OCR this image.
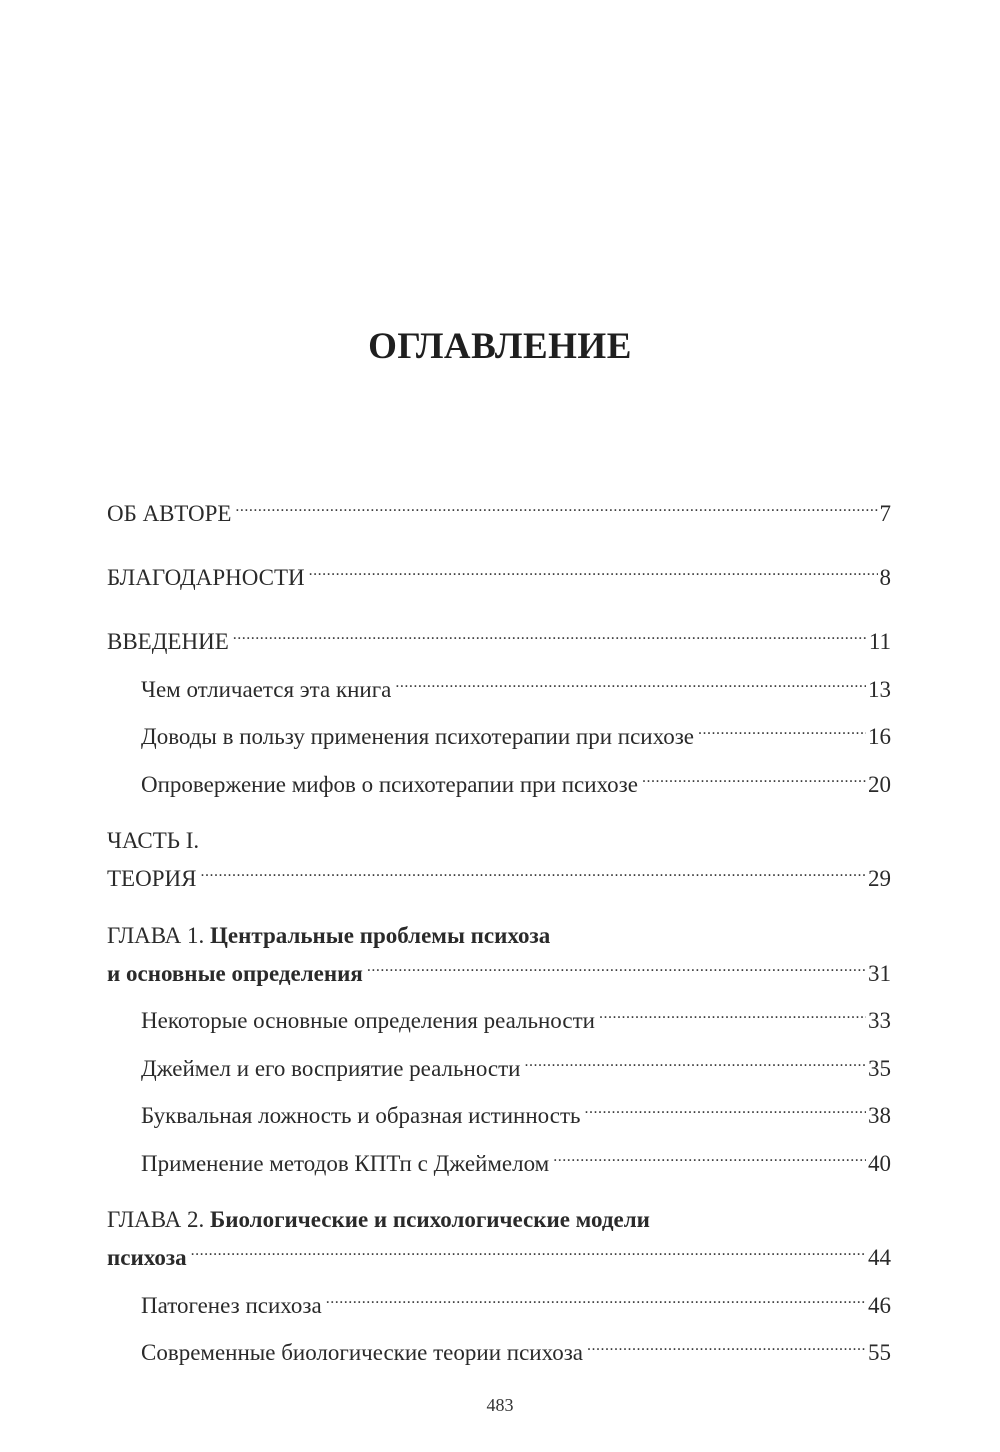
ОГЛАВЛЕНИЕ
ОБ АВТОРЕ .....	7
БЛАГОДАРНОСТИ .....	8
ВВЕДЕНИЕ .....	11
Чем отличается эта книга .....	13
Доводы в пользу применения психотерапии при психозе .....	16
Опровержение мифов о психотерапии при психозе .....	20
ЧАСТЬ I.
ТЕОРИЯ .....	29
ГЛАВА 1. Центральные проблемы психоза
и основные определения .....	31
Некоторые основные определения реальности .....	33
Джеймел и его восприятие реальности .....	35
Буквальная ложность и образная истинность .....	38
Применение методов КПТп с Джеймелом .....	40
ГЛАВА 2. Биологические и психологические модели
психоза .....	44
Патогенез психоза .....	46
Современные биологические теории психоза .....	55
483
